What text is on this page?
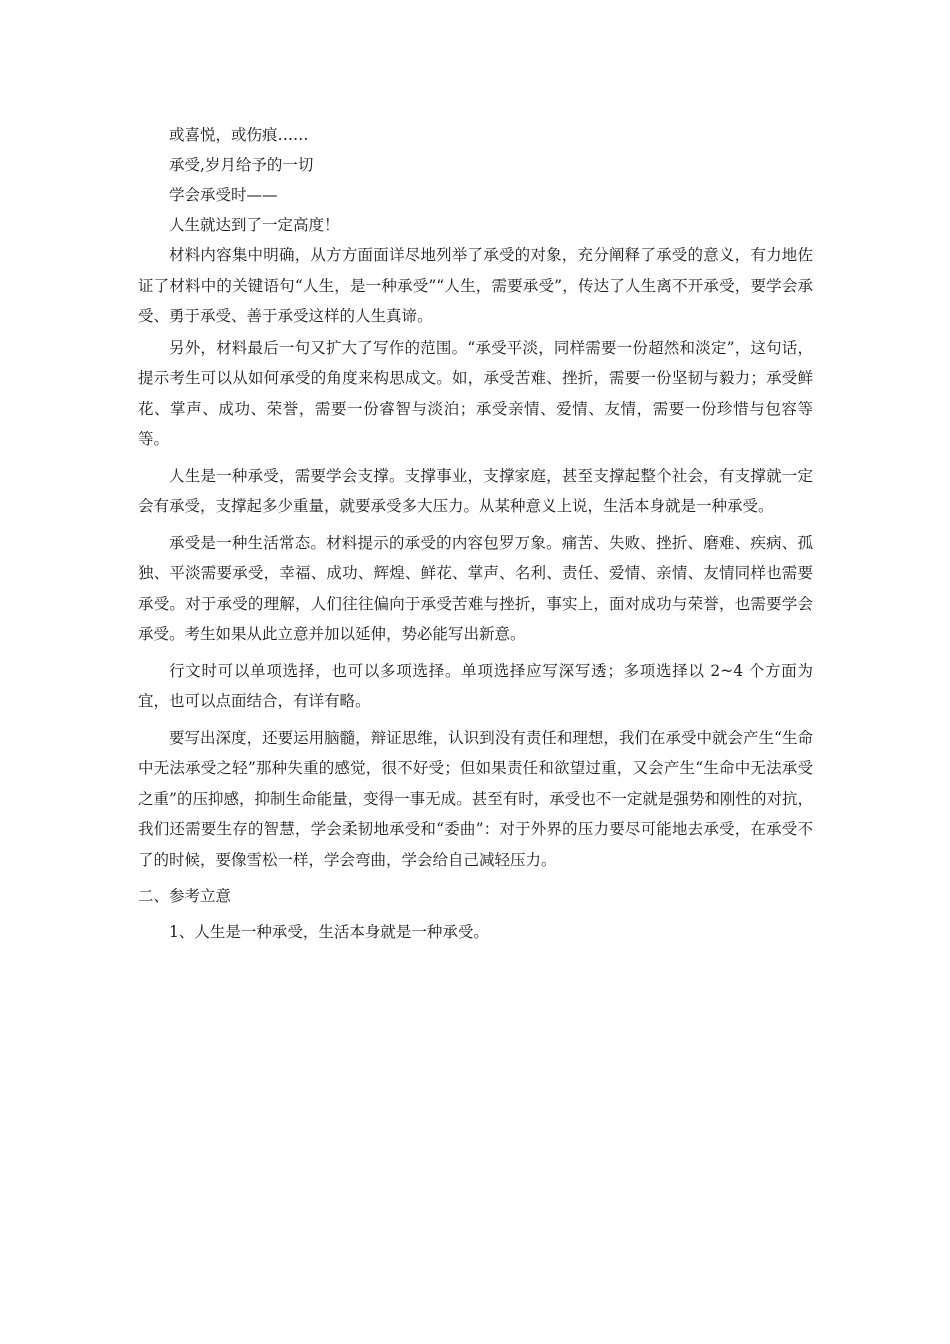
或喜悦，或伤痕……

承受,岁月给予的一切

学会承受时——

人生就达到了一定高度！

材料内容集中明确，从方方面面详尽地列举了承受的对象，充分阐释了承受的意义，有力地佐证了材料中的关键语句“人生，是一种承受”“人生，需要承受”，传达了人生离不开承受，要学会承受、勇于承受、善于承受这样的人生真谛。

另外，材料最后一句又扩大了写作的范围。“承受平淡，同样需要一份超然和淡定”，这句话，提示考生可以从如何承受的角度来构思成文。如，承受苦难、挫折，需要一份坚韧与毅力；承受鲜花、掌声、成功、荣誉，需要一份睿智与淡泊；承受亲情、爱情、友情，需要一份珍惜与包容等等。

人生是一种承受，需要学会支撑。支撑事业，支撑家庭，甚至支撑起整个社会，有支撑就一定会有承受，支撑起多少重量，就要承受多大压力。从某种意义上说，生活本身就是一种承受。

承受是一种生活常态。材料提示的承受的内容包罗万象。痛苦、失败、挫折、磨难、疾病、孤独、平淡需要承受，幸福、成功、辉煌、鲜花、掌声、名利、责任、爱情、亲情、友情同样也需要承受。对于承受的理解，人们往往偏向于承受苦难与挫折，事实上，面对成功与荣誉，也需要学会承受。考生如果从此立意并加以延伸，势必能写出新意。

行文时可以单项选择，也可以多项选择。单项选择应写深写透；多项选择以 2~4 个方面为宜，也可以点面结合，有详有略。

要写出深度，还要运用脑髓，辩证思维，认识到没有责任和理想，我们在承受中就会产生“生命中无法承受之轻”那种失重的感觉，很不好受；但如果责任和欲望过重，又会产生“生命中无法承受之重”的压抑感，抑制生命能量，变得一事无成。甚至有时，承受也不一定就是强势和刚性的对抗，我们还需要生存的智慧，学会柔韧地承受和“委曲”：对于外界的压力要尽可能地去承受，在承受不了的时候，要像雪松一样，学会弯曲，学会给自己减轻压力。

二、参考立意

1、人生是一种承受，生活本身就是一种承受。
